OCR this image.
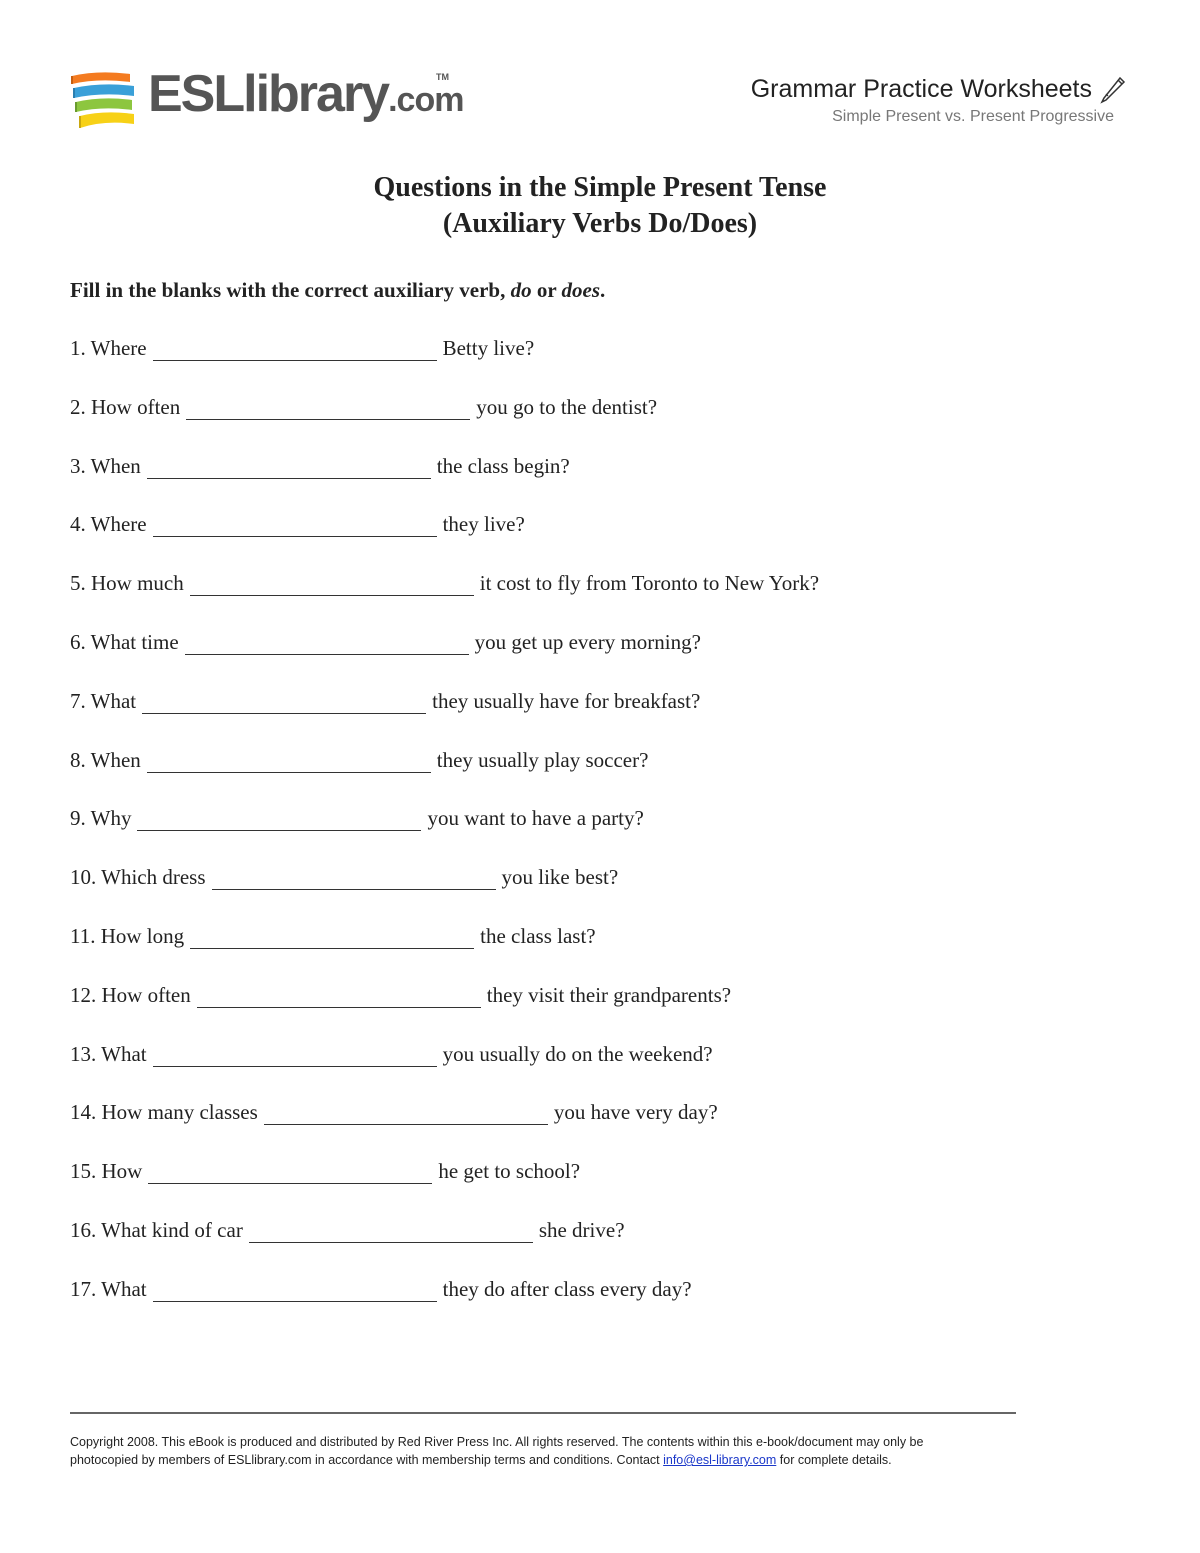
ESLlibrary.com
TM	Grammar Practice Worksheets
Simple Present vs. Present Progressive
Questions in the Simple Present Tense
(Auxiliary Verbs Do/Does)
Fill in the blanks with the correct auxiliary verb, do or does.
1. Where	Betty live?
2. How often	you go to the dentist?
3. When	the class begin?
4. Where	they live?
5. How much	it cost to fly from Toronto to New York?
6. What time	you get up every morning?
7. What	they usually have for breakfast?
8. When	they usually play soccer?
9. Why	you want to have a party?
10. Which dress	you like best?
11. How long	the class last?
12. How often	they visit their grandparents?
13. What	you usually do on the weekend?
14. How many classes	you have very day?
15. How	he get to school?
16. What kind of car	she drive?
17. What	they do after class every day?
Copyright 2008. This eBook is produced and distributed by Red River Press Inc. All rights reserved. The contents within this e-book/document may only be
photocopied by members of ESLlibrary.com in accordance with membership terms and conditions. Contact info@esl-library.com for complete details.
